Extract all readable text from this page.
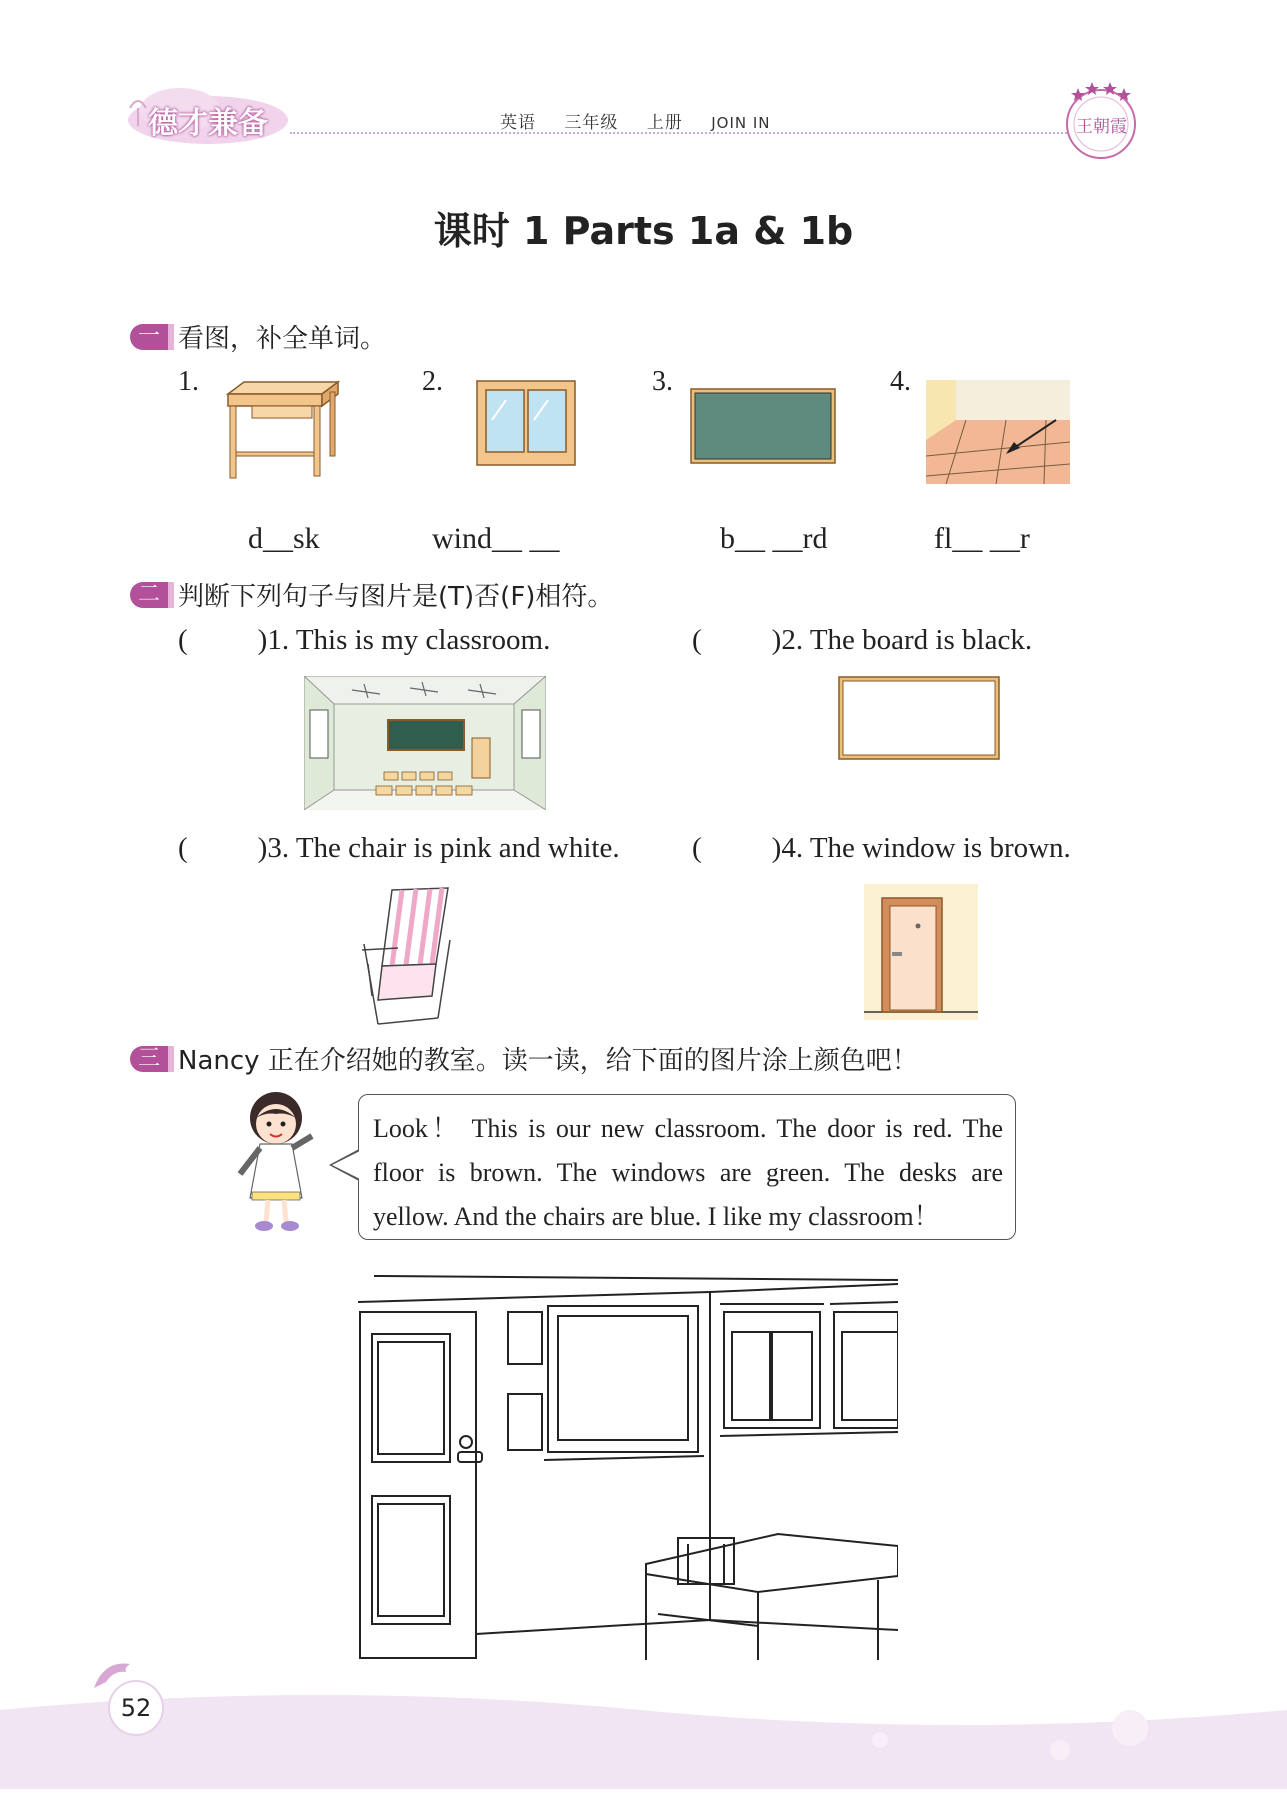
德才兼备	英语 三年级 上册 JOIN IN	王朝霞
课时 1 Parts 1a & 1b
一 看图，补全单词。
1.	2.	3.	4.
d__sk	wind__ __	b__ __rd	fl__ __r
二 判断下列句子与图片是(T)否(F)相符。
( )1. This is my classroom.	( )2. The board is black.
( )3. The chair is pink and white. ( )4. The window is brown.
三 Nancy 正在介绍她的教室。读一读，给下面的图片涂上颜色吧！
Look！ This is our new classroom. The door is red. The floor is brown. The windows are green. The desks are yellow. And the chairs are blue. I like my classroom！
52
